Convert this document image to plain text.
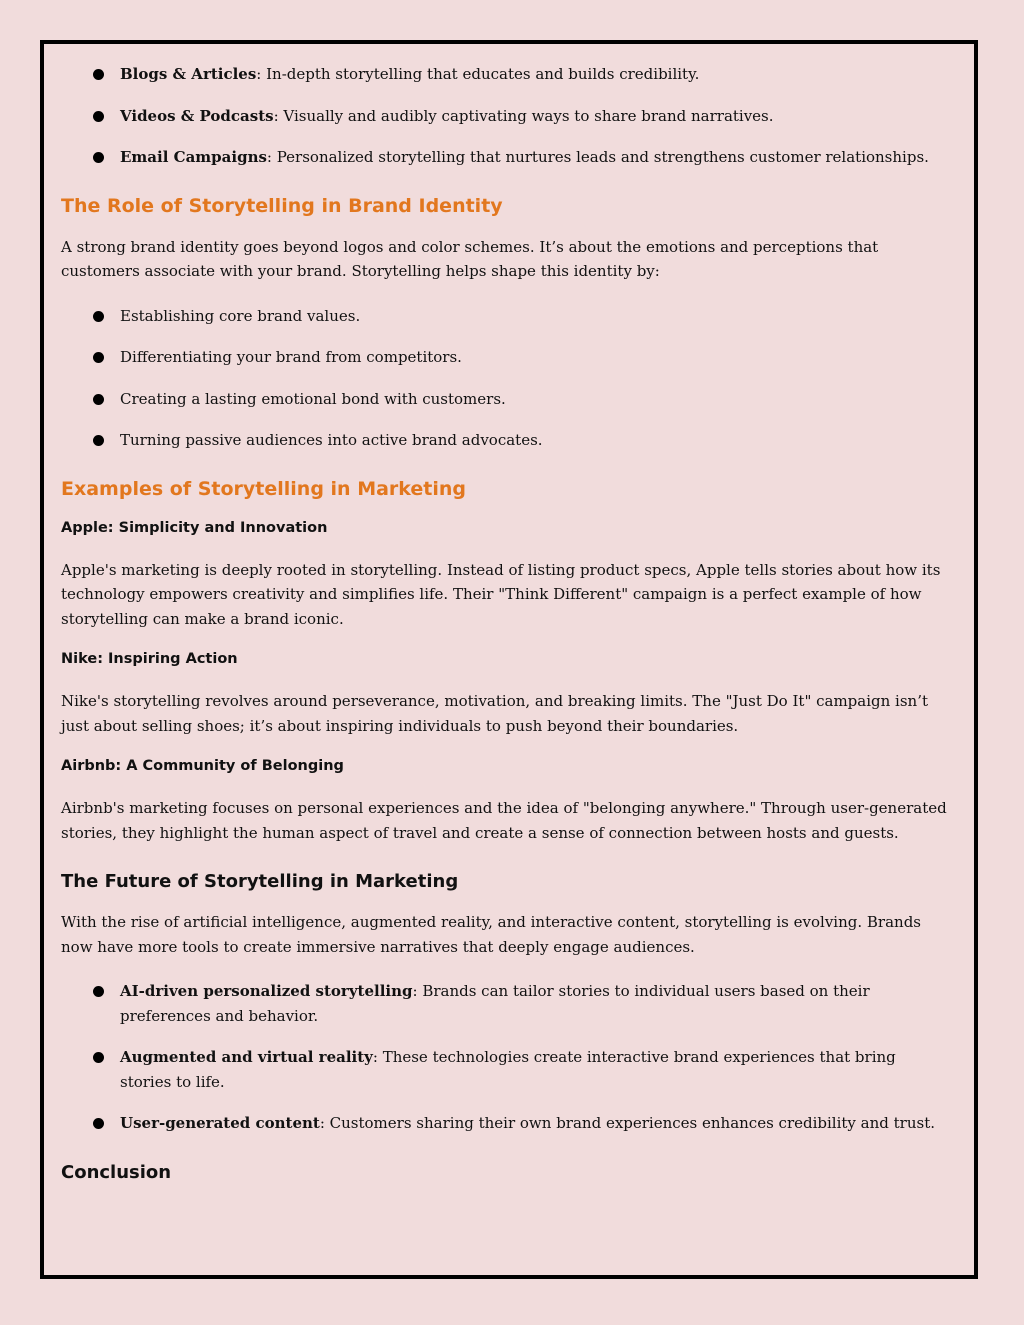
Blogs & Articles: In-depth storytelling that educates and builds credibility.
Videos & Podcasts: Visually and audibly captivating ways to share brand narratives.
Email Campaigns: Personalized storytelling that nurtures leads and strengthens customer relationships.
The Role of Storytelling in Brand Identity

A strong brand identity goes beyond logos and color schemes. It’s about the emotions and perceptions that customers associate with your brand. Storytelling helps shape this identity by:

Establishing core brand values.
Differentiating your brand from competitors.
Creating a lasting emotional bond with customers.
Turning passive audiences into active brand advocates.
Examples of Storytelling in Marketing
Apple: Simplicity and Innovation

Apple's marketing is deeply rooted in storytelling. Instead of listing product specs, Apple tells stories about how its technology empowers creativity and simplifies life. Their "Think Different" campaign is a perfect example of how storytelling can make a brand iconic.

Nike: Inspiring Action

Nike's storytelling revolves around perseverance, motivation, and breaking limits. The "Just Do It" campaign isn’t just about selling shoes; it’s about inspiring individuals to push beyond their boundaries.

Airbnb: A Community of Belonging

Airbnb's marketing focuses on personal experiences and the idea of "belonging anywhere." Through user-generated stories, they highlight the human aspect of travel and create a sense of connection between hosts and guests.

The Future of Storytelling in Marketing

With the rise of artificial intelligence, augmented reality, and interactive content, storytelling is evolving. Brands now have more tools to create immersive narratives that deeply engage audiences.

AI-driven personalized storytelling: Brands can tailor stories to individual users based on their preferences and behavior.
Augmented and virtual reality: These technologies create interactive brand experiences that bring stories to life.
User-generated content: Customers sharing their own brand experiences enhances credibility and trust.
Conclusion
